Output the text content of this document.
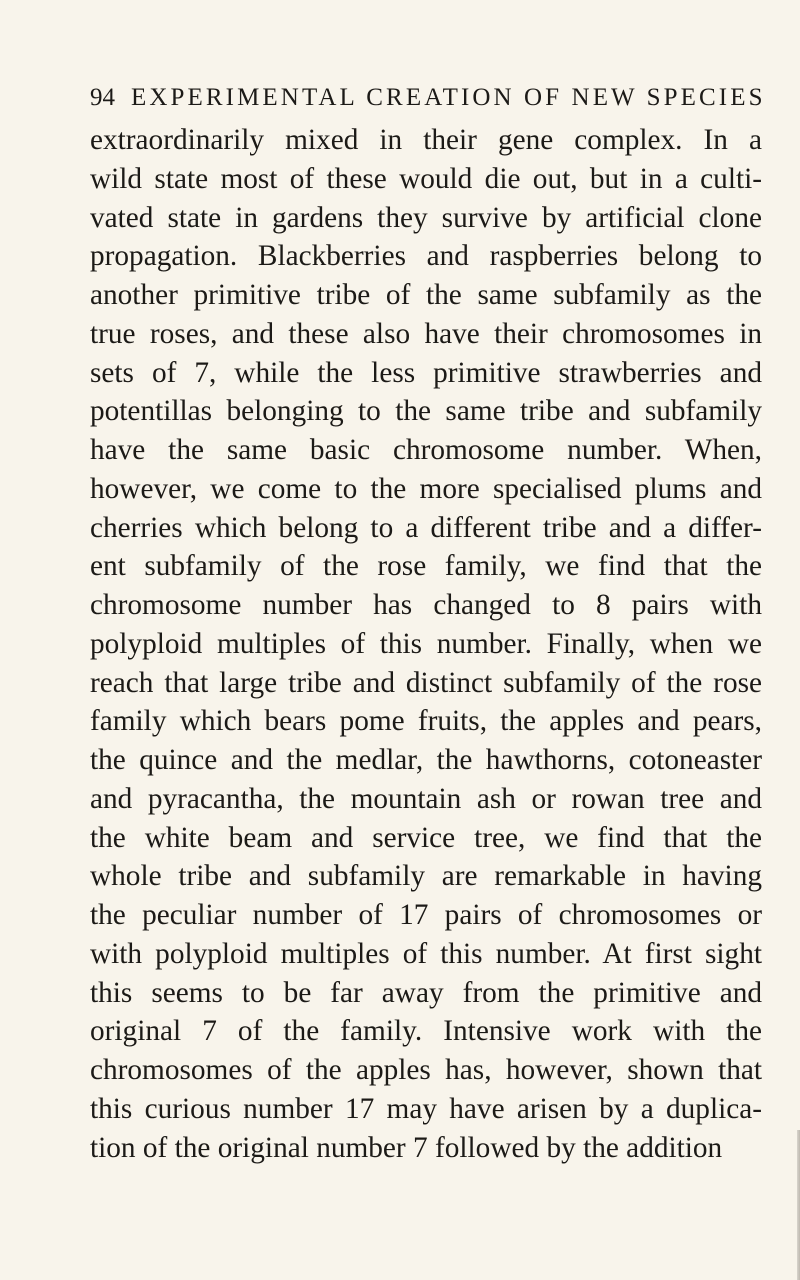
94 EXPERIMENTAL CREATION OF NEW SPECIES
extraordinarily mixed in their gene complex. In a
wild state most of these would die out, but in a culti-
vated state in gardens they survive by artificial clone
propagation. Blackberries and raspberries belong to
another primitive tribe of the same subfamily as the
true roses, and these also have their chromosomes in
sets of 7, while the less primitive strawberries and
potentillas belonging to the same tribe and subfamily
have the same basic chromosome number. When,
however, we come to the more specialised plums and
cherries which belong to a different tribe and a differ-
ent subfamily of the rose family, we find that the
chromosome number has changed to 8 pairs with
polyploid multiples of this number. Finally, when we
reach that large tribe and distinct subfamily of the rose
family which bears pome fruits, the apples and pears,
the quince and the medlar, the hawthorns, cotoneaster
and pyracantha, the mountain ash or rowan tree and
the white beam and service tree, we find that the
whole tribe and subfamily are remarkable in having
the peculiar number of 17 pairs of chromosomes or
with polyploid multiples of this number. At first sight
this seems to be far away from the primitive and
original 7 of the family. Intensive work with the
chromosomes of the apples has, however, shown that
this curious number 17 may have arisen by a duplica-
tion of the original number 7 followed by the addition
